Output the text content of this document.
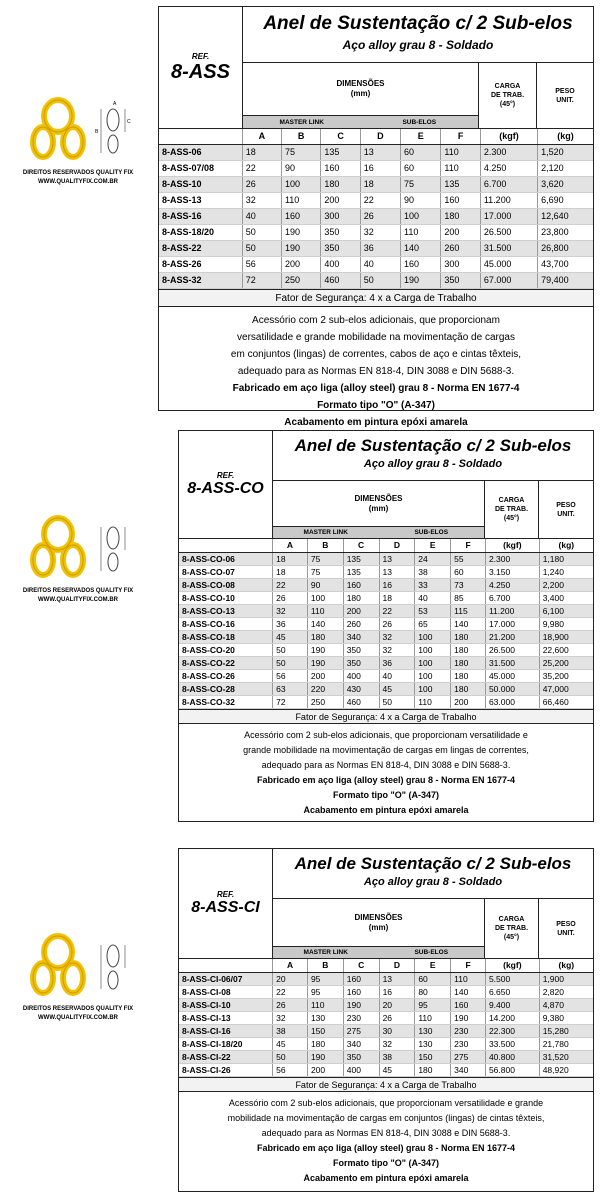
C
B
A
DIREITOS RESERVADOS QUALITY FIX
WWW.QUALITYFIX.COM.BR
REF.
8-ASS
Anel de Sustentação c/ 2 Sub-elos
Aço alloy grau 8 - Soldado
DIMENSÕES
(mm)
MASTER LINK	SUB-ELOS
CARGA
DE TRAB.
(45°)
PESO
UNIT.
	A	B	C	D	E	F	(kgf)	(kg)
8-ASS-06	18	75	135	13	60	110	2.300	1,520
8-ASS-07/08	22	90	160	16	60	110	4.250	2,120
8-ASS-10	26	100	180	18	75	135	6.700	3,620
8-ASS-13	32	110	200	22	90	160	11.200	6,690
8-ASS-16	40	160	300	26	100	180	17.000	12,640
8-ASS-18/20	50	190	350	32	110	200	26.500	23,800
8-ASS-22	50	190	350	36	140	260	31.500	26,800
8-ASS-26	56	200	400	40	160	300	45.000	43,700
8-ASS-32	72	250	460	50	190	350	67.000	79,400
Fator de Segurança: 4 x a Carga de Trabalho
Acessório com 2 sub-elos adicionais, que proporcionam
versatilidade e grande mobilidade na movimentação de cargas
em conjuntos (lingas) de correntes, cabos de aço e cintas têxteis,
adequado para as Normas EN 818-4, DIN 3088 e DIN 5688-3.
Fabricado em aço liga (alloy steel) grau 8 - Norma EN 1677-4
Formato tipo "O" (A-347)
Acabamento em pintura epóxi amarela
DIREITOS RESERVADOS QUALITY FIX
WWW.QUALITYFIX.COM.BR
REF.
8-ASS-CO
Anel de Sustentação c/ 2 Sub-elos
Aço alloy grau 8 - Soldado
DIMENSÕES
(mm)
MASTER LINK	SUB-ELOS
CARGA
DE TRAB.
(45°)
PESO
UNIT.
	A	B	C	D	E	F	(kgf)	(kg)
8-ASS-CO-06	18	75	135	13	24	55	2.300	1,180
8-ASS-CO-07	18	75	135	13	38	60	3.150	1,240
8-ASS-CO-08	22	90	160	16	33	73	4.250	2,200
8-ASS-CO-10	26	100	180	18	40	85	6.700	3,400
8-ASS-CO-13	32	110	200	22	53	115	11.200	6,100
8-ASS-CO-16	36	140	260	26	65	140	17.000	9,980
8-ASS-CO-18	45	180	340	32	100	180	21.200	18,900
8-ASS-CO-20	50	190	350	32	100	180	26.500	22,600
8-ASS-CO-22	50	190	350	36	100	180	31.500	25,200
8-ASS-CO-26	56	200	400	40	100	180	45.000	35,200
8-ASS-CO-28	63	220	430	45	100	180	50.000	47,000
8-ASS-CO-32	72	250	460	50	110	200	63.000	66,460
Fator de Segurança: 4 x a Carga de Trabalho
Acessório com 2 sub-elos adicionais, que proporcionam versatilidade e
grande mobilidade na movimentação de cargas em lingas de correntes,
adequado para as Normas EN 818-4, DIN 3088 e DIN 5688-3.
Fabricado em aço liga (alloy steel) grau 8 - Norma EN 1677-4
Formato tipo "O" (A-347)
Acabamento em pintura epóxi amarela
DIREITOS RESERVADOS QUALITY FIX
WWW.QUALITYFIX.COM.BR
REF.
8-ASS-CI
Anel de Sustentação c/ 2 Sub-elos
Aço alloy grau 8 - Soldado
DIMENSÕES
(mm)
MASTER LINK	SUB-ELOS
CARGA
DE TRAB.
(45°)
PESO
UNIT.
	A	B	C	D	E	F	(kgf)	(kg)
8-ASS-CI-06/07	20	95	160	13	60	110	5.500	1,900
8-ASS-CI-08	22	95	160	16	80	140	6.650	2,820
8-ASS-CI-10	26	110	190	20	95	160	9.400	4,870
8-ASS-CI-13	32	130	230	26	110	190	14.200	9,380
8-ASS-CI-16	38	150	275	30	130	230	22.300	15,280
8-ASS-CI-18/20	45	180	340	32	130	230	33.500	21,780
8-ASS-CI-22	50	190	350	38	150	275	40.800	31,520
8-ASS-CI-26	56	200	400	45	180	340	56.800	48,920
Fator de Segurança: 4 x a Carga de Trabalho
Acessório com 2 sub-elos adicionais, que proporcionam versatilidade e grande
mobilidade na movimentação de cargas em conjuntos (lingas) de cintas têxteis,
adequado para as Normas EN 818-4, DIN 3088 e DIN 5688-3.
Fabricado em aço liga (alloy steel) grau 8 - Norma EN 1677-4
Formato tipo "O" (A-347)
Acabamento em pintura epóxi amarela
